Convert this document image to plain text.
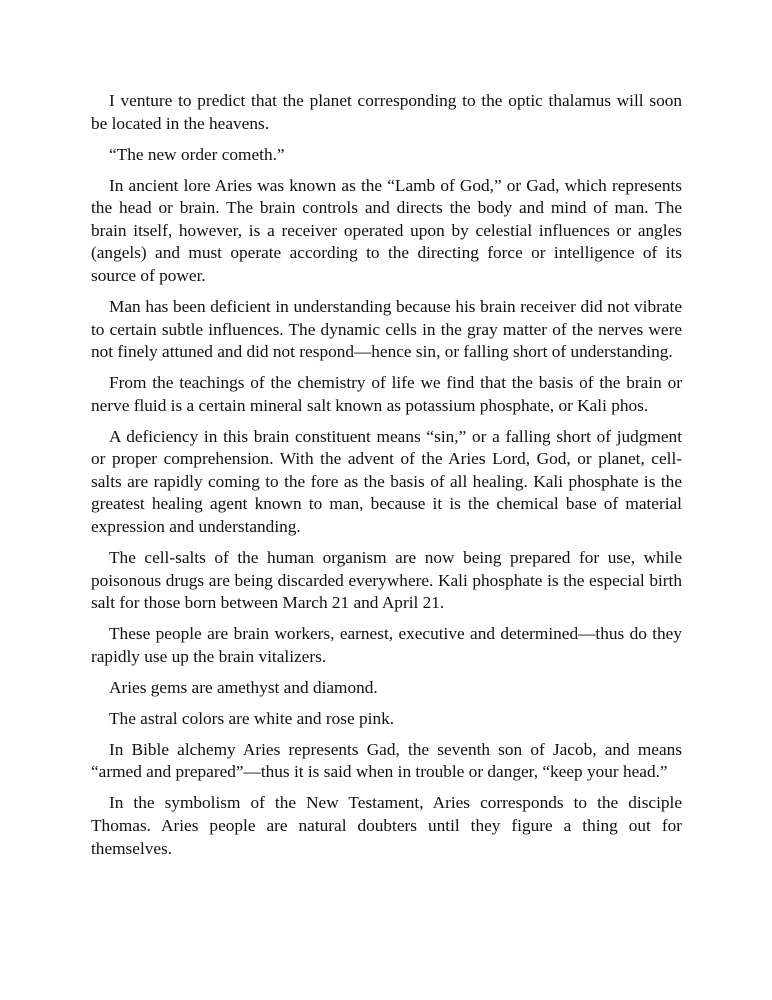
I venture to predict that the planet corresponding to the optic thalamus will soon be located in the heavens.

“The new order cometh.”

In ancient lore Aries was known as the “Lamb of God,” or Gad, which represents the head or brain. The brain controls and directs the body and mind of man. The brain itself, however, is a receiver operated upon by celestial influences or angles (angels) and must operate according to the directing force or intelligence of its source of power.

Man has been deficient in understanding because his brain receiver did not vibrate to certain subtle influences. The dynamic cells in the gray matter of the nerves were not finely attuned and did not respond—hence sin, or falling short of understanding.

From the teachings of the chemistry of life we find that the basis of the brain or nerve fluid is a certain mineral salt known as potassium phosphate, or Kali phos.

A deficiency in this brain constituent means “sin,” or a falling short of judgment or proper comprehension. With the advent of the Aries Lord, God, or planet, cell-salts are rapidly coming to the fore as the basis of all healing. Kali phosphate is the greatest healing agent known to man, because it is the chemical base of material expression and understanding.

The cell-salts of the human organism are now being prepared for use, while poisonous drugs are being discarded everywhere. Kali phosphate is the especial birth salt for those born between March 21 and April 21.

These people are brain workers, earnest, executive and determined—thus do they rapidly use up the brain vitalizers.

Aries gems are amethyst and diamond.

The astral colors are white and rose pink.

In Bible alchemy Aries represents Gad, the seventh son of Jacob, and means “armed and prepared”—thus it is said when in trouble or danger, “keep your head.”

In the symbolism of the New Testament, Aries corresponds to the disciple Thomas. Aries people are natural doubters until they figure a thing out for themselves.
